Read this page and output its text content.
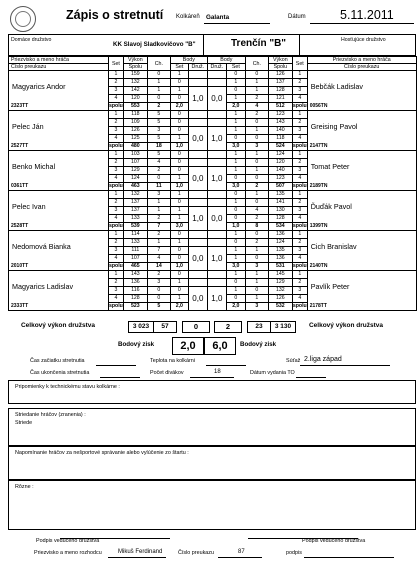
Zápis o stretnutí Kolkáreň Galanta	Dátum	5.11.2011
Domáce družstvo
KK Slavoj Sladkovičovo "B"	Trenčín "B"	Hosťujúce družstvo
Priezvisko a meno hráča	Set	Výkon	Ch.	Body		Body		Ch.	Výkon	Set	Priezvisko a meno hráča
Číslo preukazu		Spolu		Set	Druž.	Druž.	Set		Spolu		Číslo preukazu
Magyarics Andor	1	159	0	1			0	0	126	1	Bebčák Ladislav
	2	132	1	0			1	1	137	2	
	3	142	1	1	1,0	0,0	0	1	128	3	
	4	120	0	0			1	2	121	4	
2323TT	spolu	553	2	2,0			2,0	4	512	spolu	0056TN
Pelec Ján	1	118	5	0			1	2	123	1	Greising Pavol
	2	109	5	0			1	0	143	2	
	3	126	3	0	0,0	1,0	1	1	140	3	
	4	125	5	1			0	0	118	4	
2527TT	spolu	480	18	1,0			3,0	3	524	spolu	2147TN
Benko Michal	1	103	5	0			1	1	124	1	Tomat Peter
	2	107	4	0			1	0	120	2	
	3	129	2	0	0,0	1,0	1	1	140	3	
	4	124	0	1			0	0	123	4	
0361TT	spolu	463	11	1,0			3,0	2	507	spolu	2189TN
Pelec Ivan	1	132	3	1			0	1	135	1	Ďuďák Pavol
	2	137	1	0			1	0	141	2	
	3	137	1	1	1,0	0,0	0	4	130	3	
	4	133	2	1			0	2	128	4	
2528TT	spolu	539	7	3,0			1,0	8	534	spolu	1399TN
Nedomová Bianka	1	114	2	0			1	0	136	1	Cich Branislav
	2	133	1	1			0	2	124	2	
	3	111	7	0	0,0	1,0	1	1	135	3	
	4	107	4	0			1	0	136	4	
2010TT	spolu	465	14	1,0			3,0	3	531	spolu	2140TN
Magyarics Ladislav	1	143	2	0			1	1	145	1	Pavlík Peter
	2	136	3	1			0	1	129	2	
	3	116	0	0	0,0	1,0	1	0	132	3	
	4	128	0	1			0	1	126	4	
2333TT	spolu	523	5	2,0			2,0	3	532	spolu	2178TT
Celkový výkon družstva	3 023	57	0	2	23	3 130	Celkový výkon družstva
Bodový zisk	2,0	6,0	Bodový zisk
Čas začiatku stretnutia	Teplota na kolkárni	Súťaž 2.liga západ
Čas ukončenia stretnutia	Počet divákov	18	Dátum vydania TO
Pripomienky k technickému stavu kolkárne :
Striedanie hráčov (zranenia) :
Striede
Napomínanie hráčov za nešportové správanie alebo vylúčenie zo štartu :
Rôzne :
Podpis vedúceho družstva	Podpis vedúceho družstva
Priezvisko a meno rozhodcu	Mikuš Ferdinand	Číslo preukazu	87	podpis
